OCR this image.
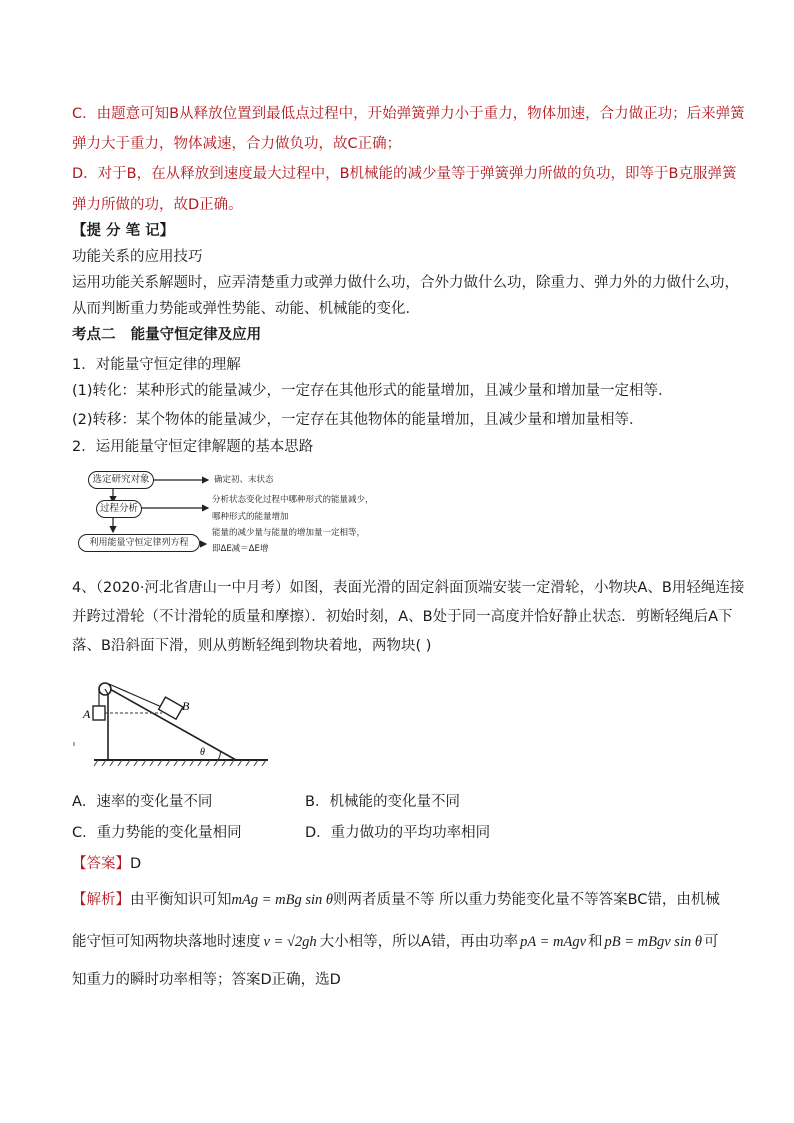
C．由题意可知B从释放位置到最低点过程中，开始弹簧弹力小于重力，物体加速，合力做正功；后来弹簧
弹力大于重力，物体减速，合力做负功，故C正确；
D．对于B，在从释放到速度最大过程中，B机械能的减少量等于弹簧弹力所做的负功，即等于B克服弹簧
弹力所做的功，故D正确。
【提 分 笔 记】
功能关系的应用技巧
运用功能关系解题时，应弄清楚重力或弹力做什么功，合外力做什么功，除重力、弹力外的力做什么功，
从而判断重力势能或弹性势能、动能、机械能的变化．
考点二 能量守恒定律及应用
1．对能量守恒定律的理解
(1)转化：某种形式的能量减少，一定存在其他形式的能量增加，且减少量和增加量一定相等．
(2)转移：某个物体的能量减少，一定存在其他物体的能量增加，且减少量和增加量相等．
2．运用能量守恒定律解题的基本思路
选定研究对象
过程分析
利用能量守恒定律列方程
确定初、末状态
分析状态变化过程中哪种形式的能量减少，
哪种形式的能量增加
能量的减少量与能量的增加量一定相等，
即ΔE减＝ΔE增
4、（2020·河北省唐山一中月考）如图，表面光滑的固定斜面顶端安装一定滑轮，小物块A、B用轻绳连接
并跨过滑轮（不计滑轮的质量和摩擦）．初始时刻，A、B处于同一高度并恰好静止状态．剪断轻绳后A下
落、B沿斜面下滑，则从剪断轻绳到物块着地，两物块( )
A
B
θ
A．速率的变化量不同	B．机械能的变化量不同
C．重力势能的变化量相同	D．重力做功的平均功率相同
【答案】D
【解析】由平衡知识可知mAg = mBg sin θ则两者质量不等 所以重力势能变化量不等答案BC错，由机械
能守恒可知两物块落地时速度 v = √2gh 大小相等，所以A错，再由功率 pA = mAgv 和 pB = mBgv sin θ 可
知重力的瞬时功率相等；答案D正确，选D
